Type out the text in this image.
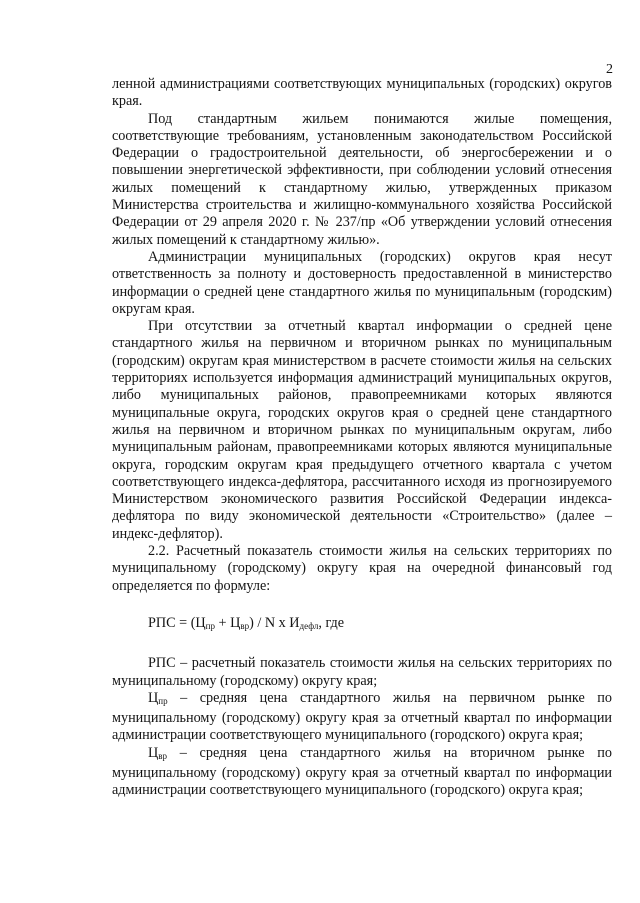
2

ленной администрациями соответствующих муниципальных (городских) округов края.

Под стандартным жильем понимаются жилые помещения, соответствующие требованиям, установленным законодательством Российской Федерации о градостроительной деятельности, об энергосбережении и о повышении энергетической эффективности, при соблюдении условий отнесения жилых помещений к стандартному жилью, утвержденных приказом Министерства строительства и жилищно-коммунального хозяйства Российской Федерации от 29 апреля 2020 г. № 237/пр «Об утверждении условий отнесения жилых помещений к стандартному жилью».

Администрации муниципальных (городских) округов края несут ответственность за полноту и достоверность предоставленной в министерство информации о средней цене стандартного жилья по муниципальным (городским) округам края.

При отсутствии за отчетный квартал информации о средней цене стандартного жилья на первичном и вторичном рынках по муниципальным (городским) округам края министерством в расчете стоимости жилья на сельских территориях используется информация администраций муниципальных округов, либо муниципальных районов, правопреемниками которых являются муниципальные округа, городских округов края о средней цене стандартного жилья на первичном и вторичном рынках по муниципальным округам, либо муниципальным районам, правопреемниками которых являются муниципальные округа, городским округам края предыдущего отчетного квартала с учетом соответствующего индекса-дефлятора, рассчитанного исходя из прогнозируемого Министерством экономического развития Российской Федерации индекса-дефлятора по виду экономической деятельности «Строительство» (далее – индекс-дефлятор).

2.2. Расчетный показатель стоимости жилья на сельских территориях по муниципальному (городскому) округу края на очередной финансовый год определяется по формуле:

РПС = $(Ц_{пр} + Ц_{вр}) / N$ x $И_{дефл}$, где

РПС – расчетный показатель стоимости жилья на сельских территориях по муниципальному (городскому) округу края;

$Ц_{пр}$ – средняя цена стандартного жилья на первичном рынке по муниципальному (городскому) округу края за отчетный квартал по информации администрации соответствующего муниципального (городского) округа края;

$Ц_{вр}$ – средняя цена стандартного жилья на вторичном рынке по муниципальному (городскому) округу края за отчетный квартал по информации администрации соответствующего муниципального (городского) округа края;
